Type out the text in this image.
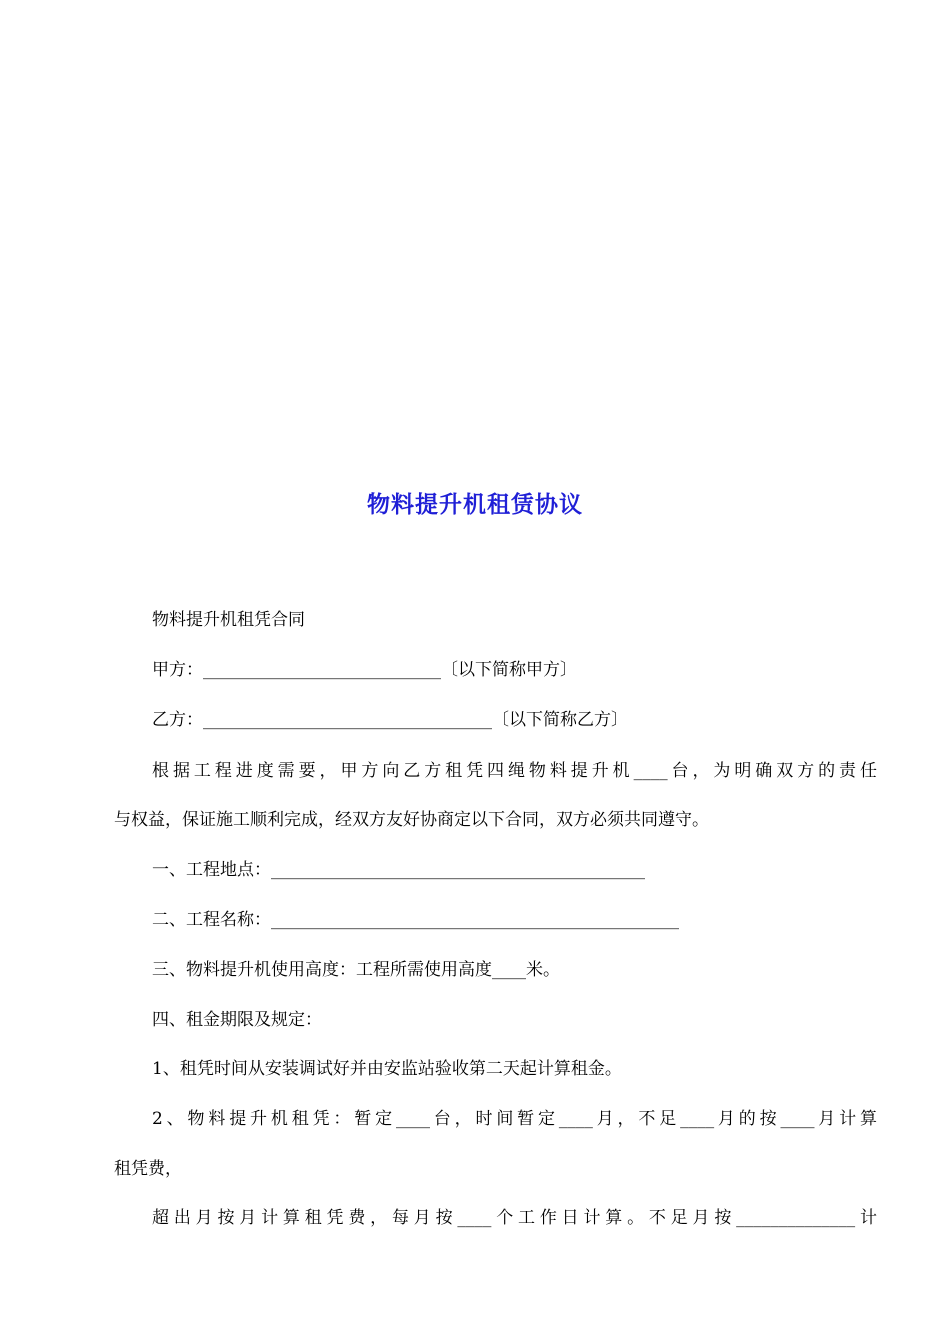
物料提升机租赁协议
物料提升机租凭合同
甲方：____________________________〔以下简称甲方〕
乙方：__________________________________〔以下简称乙方〕
根据工程进度需要，甲方向乙方租凭四绳物料提升机____台，为明确双方的责任
与权益，保证施工顺利完成，经双方友好协商定以下合同，双方必须共同遵守。
一、工程地点：____________________________________________
二、工程名称：________________________________________________
三、物料提升机使用高度：工程所需使用高度____米。
四、租金期限及规定：
1、租凭时间从安装调试好并由安监站验收第二天起计算租金。
2、物料提升机租凭：暂定____台，时间暂定____月，不足____月的按____月计算
租凭费，
超出月按月计算租凭费，每月按____个工作日计算。不足月按______________计
